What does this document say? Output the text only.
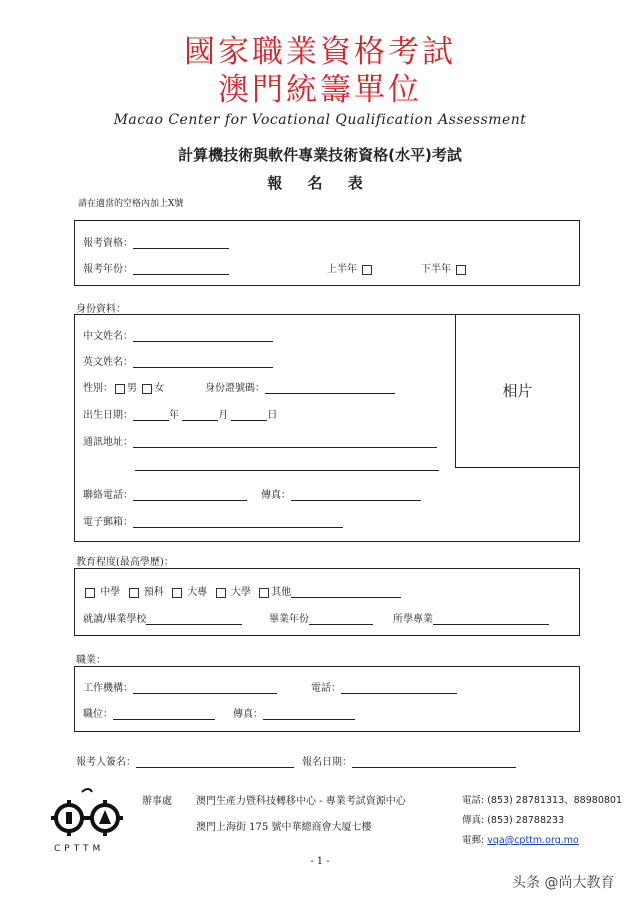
國家職業資格考試
澳門統籌單位
Macao Center for Vocational Qualification Assessment
計算機技術與軟件專業技術資格(水平)考試
報 名 表
請在適當的空格內加上X號
報考資格：
報考年份：	上半年	下半年
身份資料：
中文姓名：
英文姓名：
性別： 男 女	身份證號碼：
出生日期：	年	月	日
通訊地址：
聯絡電話：	傳真：
電子郵箱：
相片
教育程度(最高學歷)：
中學 預科 大專 大學 其他
就讀/畢業學校	畢業年份	所學專業
職業：
工作機構：	電話：
職位：	傳真：
報考人簽名：	報名日期：
CPTTM
辦事處 澳門生產力暨科技轉移中心 - 專業考試資源中心
澳門上海街 175 號中華總商會大厦七樓
電話: (853) 28781313、88980801
傳真: (853) 28788233
電郵: vqa@cpttm.org.mo
- 1 -
头条 @尚大教育
